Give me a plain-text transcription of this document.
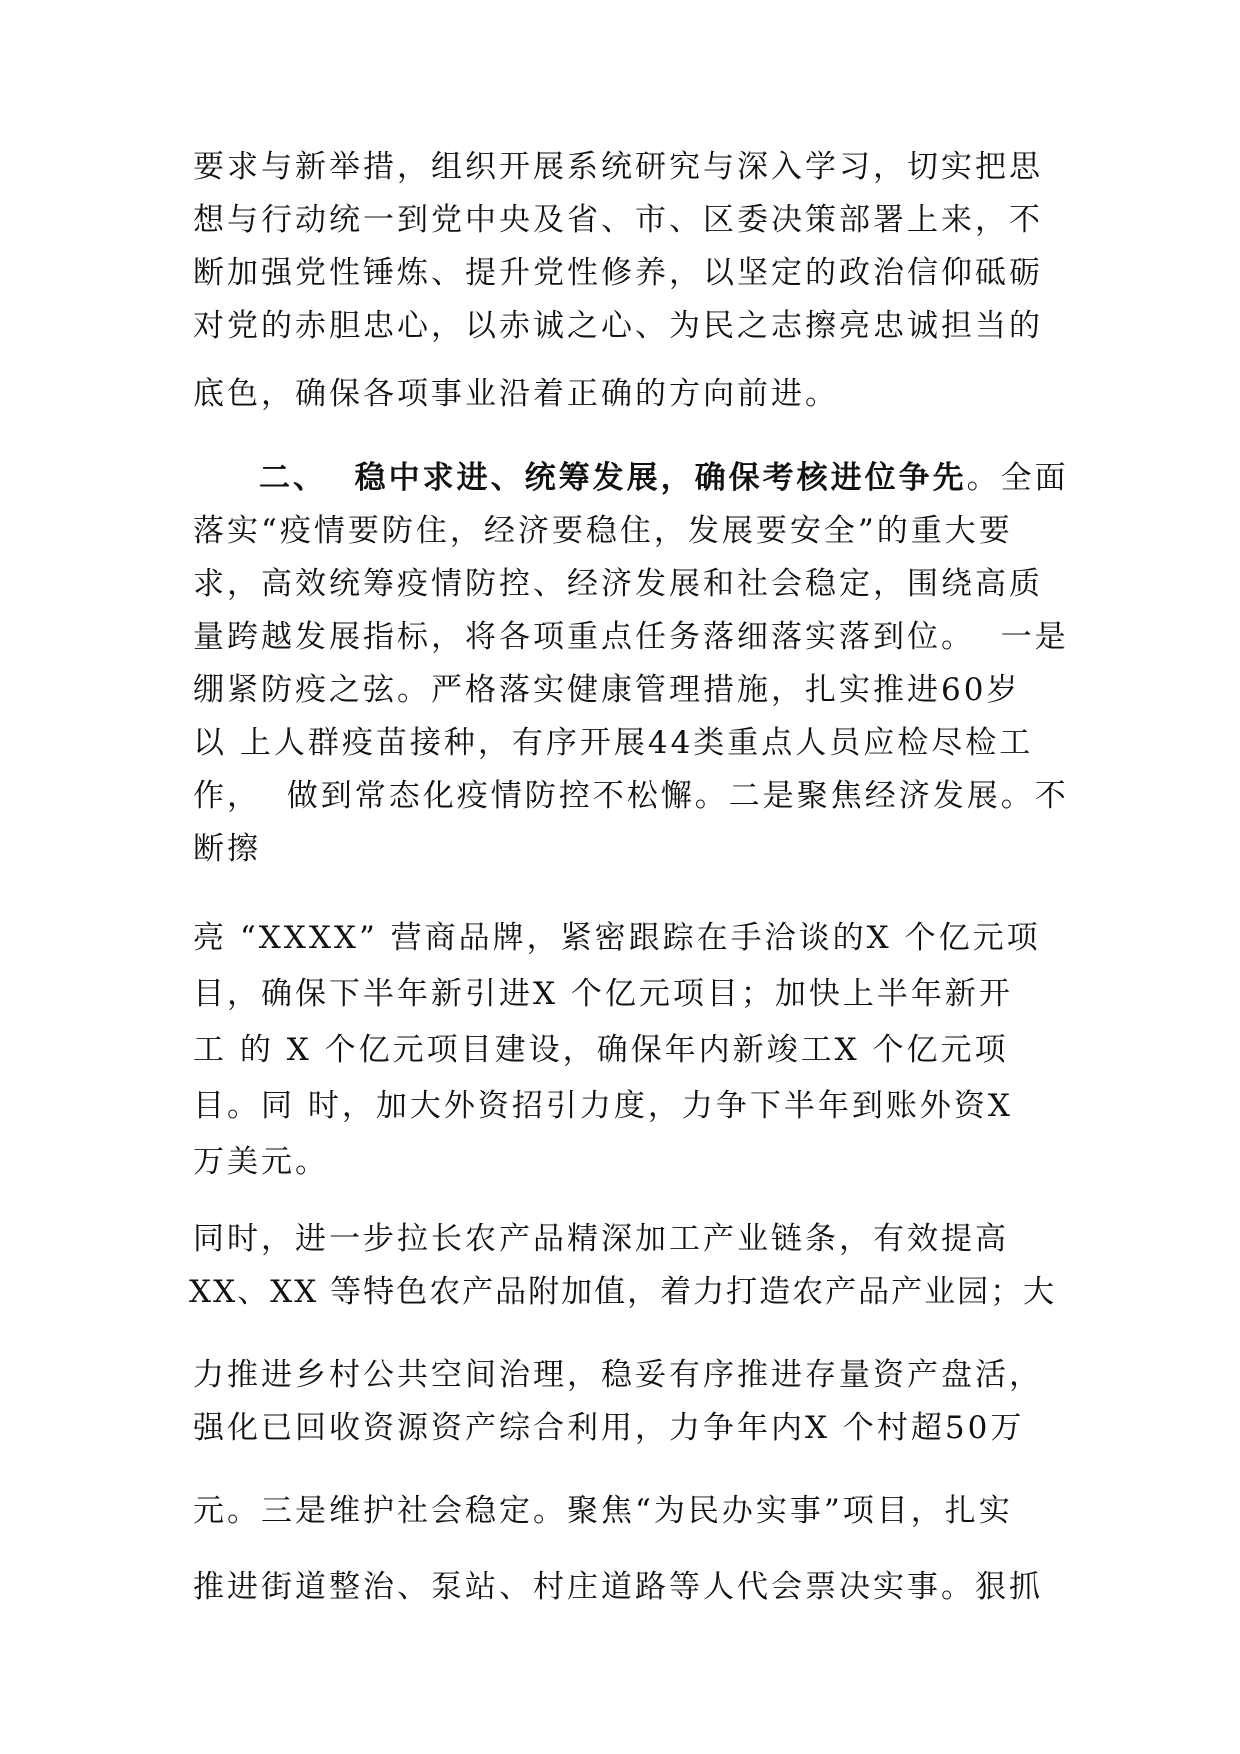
要求与新举措，组织开展系统研究与深入学习，切实把思
想与行动统一到党中央及省、市、区委决策部署上来，不
断加强党性锤炼、提升党性修养，以坚定的政治信仰砥砺
对党的赤胆忠心，以赤诚之心、为民之志擦亮忠诚担当的
底色，确保各项事业沿着正确的方向前进。
二、  稳中求进、统筹发展，确保考核进位争先。全面
落实“疫情要防住，经济要稳住，发展要安全”的重大要
求，高效统筹疫情防控、经济发展和社会稳定，围绕高质
量跨越发展指标，将各项重点任务落细落实落到位。  一是
绷紧防疫之弦。严格落实健康管理措施，扎实推进60岁
以 上人群疫苗接种，有序开展44类重点人员应检尽检工
作，  做到常态化疫情防控不松懈。二是聚焦经济发展。不
断擦
亮 “XXXX” 营商品牌，紧密跟踪在手洽谈的X 个亿元项
目，确保下半年新引进X 个亿元项目；加快上半年新开
工 的 X 个亿元项目建设，确保年内新竣工X 个亿元项
目。同 时，加大外资招引力度，力争下半年到账外资X
万美元。
同时，进一步拉长农产品精深加工产业链条，有效提高
XX、XX 等特色农产品附加值，着力打造农产品产业园；大
力推进乡村公共空间治理，稳妥有序推进存量资产盘活，
强化已回收资源资产综合利用，力争年内X 个村超50万
元。三是维护社会稳定。聚焦“为民办实事”项目，扎实
推进街道整治、泵站、村庄道路等人代会票决实事。狠抓
